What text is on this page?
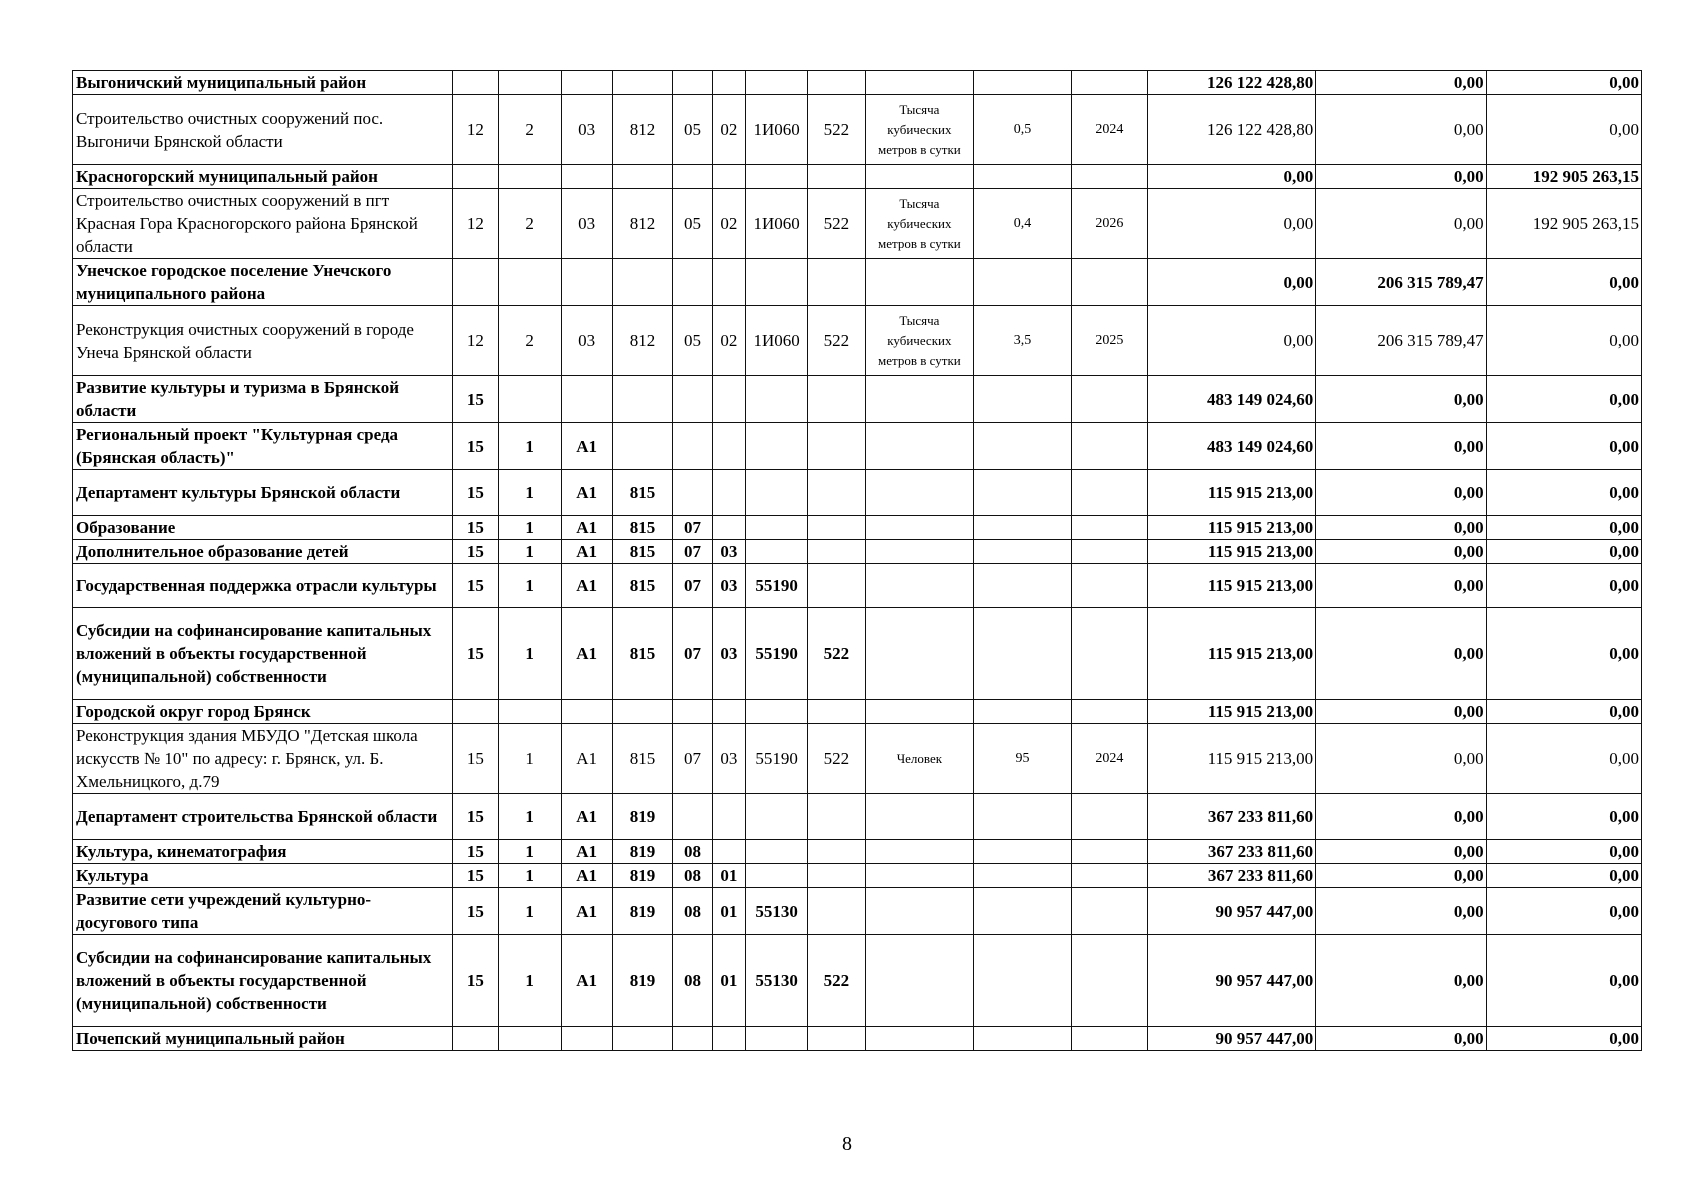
Выгоничский муниципальный район												126 122 428,80	0,00	0,00
Строительство очистных сооружений пос. Выгоничи Брянской области	12	2	03	812	05	02	1И060	522	Тысяча кубических метров в сутки	0,5	2024	126 122 428,80	0,00	0,00
Красногорский муниципальный район												0,00	0,00	192 905 263,15
Строительство очистных сооружений в пгт Красная Гора Красногорского района Брянской области	12	2	03	812	05	02	1И060	522	Тысяча кубических метров в сутки	0,4	2026	0,00	0,00	192 905 263,15
Унечское городское поселение Унечского муниципального района												0,00	206 315 789,47	0,00
Реконструкция очистных сооружений в городе Унеча Брянской области	12	2	03	812	05	02	1И060	522	Тысяча кубических метров в сутки	3,5	2025	0,00	206 315 789,47	0,00
Развитие культуры и туризма в Брянской области	15											483 149 024,60	0,00	0,00
Региональный проект "Культурная среда (Брянская область)"	15	1	А1									483 149 024,60	0,00	0,00
Департамент культуры Брянской области	15	1	А1	815								115 915 213,00	0,00	0,00
Образование	15	1	А1	815	07							115 915 213,00	0,00	0,00
Дополнительное образование детей	15	1	А1	815	07	03						115 915 213,00	0,00	0,00
Государственная поддержка отрасли культуры	15	1	А1	815	07	03	55190					115 915 213,00	0,00	0,00
Субсидии на софинансирование капитальных вложений в объекты государственной (муниципальной) собственности	15	1	А1	815	07	03	55190	522				115 915 213,00	0,00	0,00
Городской округ город Брянск												115 915 213,00	0,00	0,00
Реконструкция здания МБУДО "Детская школа искусств № 10" по адресу: г. Брянск, ул. Б. Хмельницкого, д.79	15	1	А1	815	07	03	55190	522	Человек	95	2024	115 915 213,00	0,00	0,00
Департамент строительства Брянской области	15	1	А1	819								367 233 811,60	0,00	0,00
Культура, кинематография	15	1	А1	819	08							367 233 811,60	0,00	0,00
Культура	15	1	А1	819	08	01						367 233 811,60	0,00	0,00
Развитие сети учреждений культурно-досугового типа	15	1	А1	819	08	01	55130					90 957 447,00	0,00	0,00
Субсидии на софинансирование капитальных вложений в объекты государственной (муниципальной) собственности	15	1	А1	819	08	01	55130	522				90 957 447,00	0,00	0,00
Почепский муниципальный район												90 957 447,00	0,00	0,00
8
